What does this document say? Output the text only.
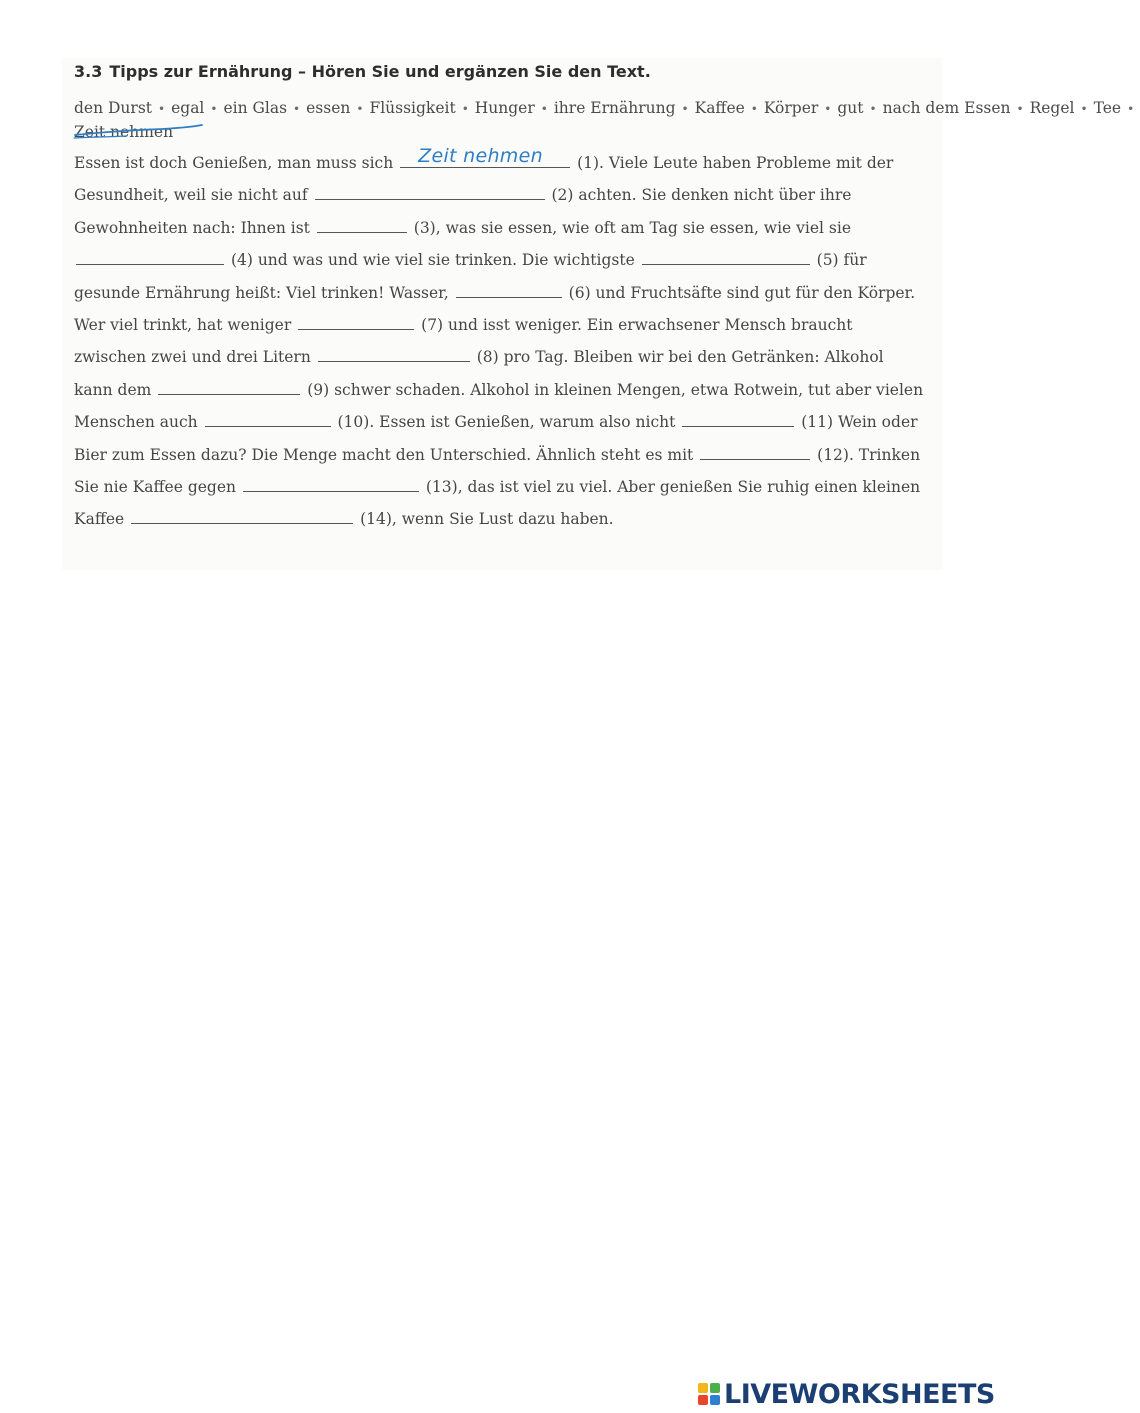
3.3 Tipps zur Ernährung – Hören Sie und ergänzen Sie den Text.
den Durst • egal • ein Glas • essen • Flüssigkeit • Hunger • ihre Ernährung • Kaffee • Körper • gut • nach dem Essen • Regel • Tee •Zeit nehmen
Essen ist doch Genießen, man muss sich Zeit nehmen (1). Viele Leute haben Probleme mit der Gesundheit, weil sie nicht auf	(2) achten. Sie denken nicht über ihre Gewohnheiten nach: Ihnen ist	(3), was sie essen, wie oft am Tag sie essen, wie viel sie  (4) und was und wie viel sie trinken. Die wichtigste	(5) für gesunde Ernährung heißt: Viel trinken! Wasser,	(6) und Fruchtsäfte sind gut für den Körper. Wer viel trinkt, hat weniger	(7) und isst weniger. Ein erwachsener Mensch braucht zwischen zwei und drei Litern	(8) pro Tag. Bleiben wir bei den Getränken: Alkohol kann dem	(9) schwer schaden. Alkohol in kleinen Mengen, etwa Rotwein, tut aber vielen Menschen auch	(10). Essen ist Genießen, warum also nicht	(11) Wein oder Bier zum Essen dazu? Die Menge macht den Unterschied. Ähnlich steht es mit	(12). Trinken Sie nie Kaffee gegen	(13), das ist viel zu viel. Aber genießen Sie ruhig einen kleinen Kaffee	(14), wenn Sie Lust dazu haben.
LIVEWORKSHEETS
